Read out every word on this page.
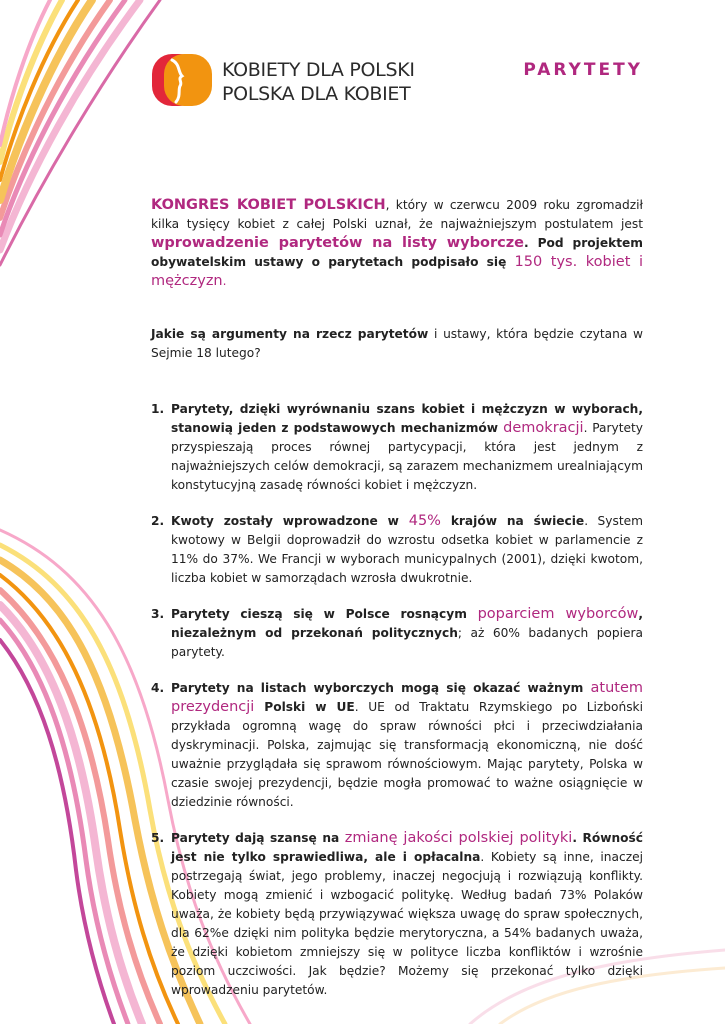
KOBIETY DLA POLSKI
POLSKA DLA KOBIET
PARYTETY
KONGRES KOBIET POLSKICH, który w czerwcu 2009 roku zgromadził kilka tysięcy kobiet z całej Polski uznał, że najważniejszym postulatem jest wprowadzenie parytetów na listy wyborcze. Pod projektem obywatelskim ustawy o parytetach podpisało się 150 tys. kobiet i mężczyzn.
Jakie są argumenty na rzecz parytetów i ustawy, która będzie czytana w Sejmie 18 lutego?
1. Parytety, dzięki wyrównaniu szans kobiet i mężczyzn w wyborach, stanowią jeden z podstawowych mechanizmów demokracji. Parytety przyspieszają proces równej partycypacji, która jest jednym z najważniejszych celów demokracji, są zarazem mechanizmem urealniającym konstytucyjną zasadę równości kobiet i mężczyzn.

2. Kwoty zostały wprowadzone w 45% krajów na świecie. System kwotowy w Belgii doprowadził do wzrostu odsetka kobiet w parlamencie z 11% do 37%. We Francji w wyborach municypalnych (2001), dzięki kwotom, liczba kobiet w samorządach wzrosła dwukrotnie.

3. Parytety cieszą się w Polsce rosnącym poparciem wyborców, niezależnym od przekonań politycznych; aż 60% badanych popiera parytety.

4. Parytety na listach wyborczych mogą się okazać ważnym atutem prezydencji Polski w UE. UE od Traktatu Rzymskiego po Lizboński przykłada ogromną wagę do spraw równości płci i przeciwdziałania dyskryminacji. Polska, zajmując się transformacją ekonomiczną, nie dość uważnie przyglądała się sprawom równościowym. Mając parytety, Polska w czasie swojej prezydencji, będzie mogła promować to ważne osiągnięcie w dziedzinie równości.

5. Parytety dają szansę na zmianę jakości polskiej polityki. Równość jest nie tylko sprawiedliwa, ale i opłacalna. Kobiety są inne, inaczej postrzegają świat, jego problemy, inaczej negocjują i rozwiązują konflikty. Kobiety mogą zmienić i wzbogacić politykę. Według badań 73% Polaków uważa, że kobiety będą przywiązywać większa uwagę do spraw społecznych, dla 62%e dzięki nim polityka będzie merytoryczna, a 54% badanych uważa, że dzięki kobietom zmniejszy się w polityce liczba konfliktów i wzrośnie poziom uczciwości. Jak będzie? Możemy się przekonać tylko dzięki wprowadzeniu parytetów.
